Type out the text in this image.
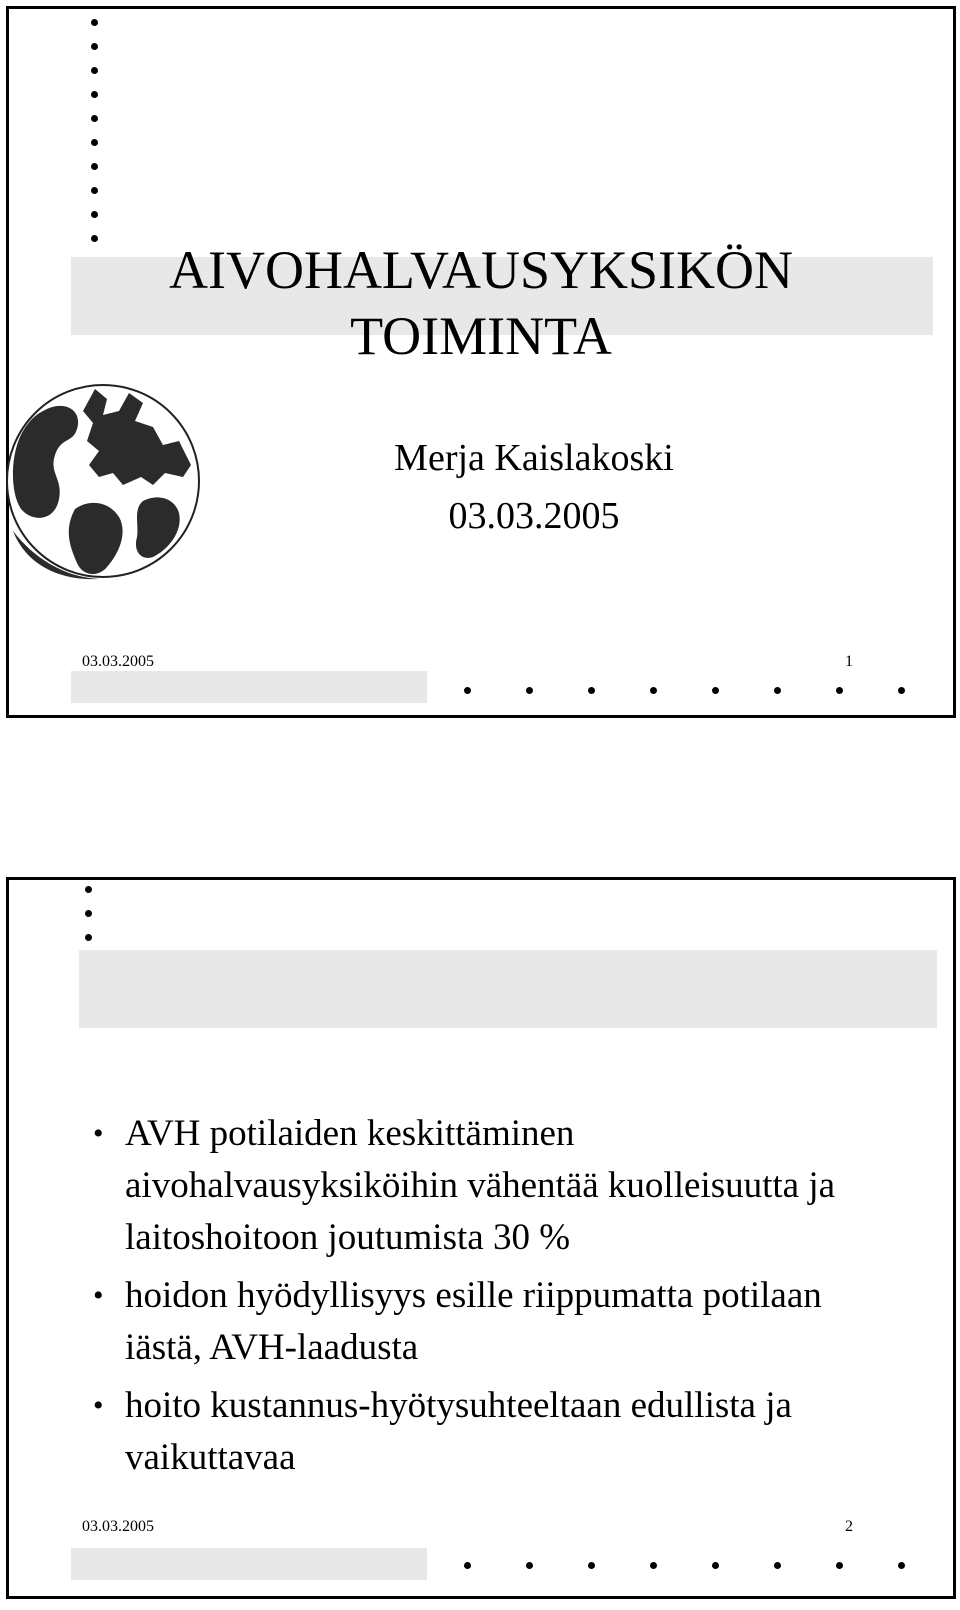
AIVOHALVAUSYKSIKÖN
TOIMINTA
Merja Kaislakoski
03.03.2005
03.03.2005	1
• AVH potilaiden keskittäminen aivohalvausyksiköihin vähentää kuolleisuutta ja laitoshoitoon joutumista 30 %
• hoidon hyödyllisyys esille riippumatta potilaan iästä, AVH-laadusta
• hoito kustannus-hyötysuhteeltaan edullista ja vaikuttavaa
03.03.2005	2
